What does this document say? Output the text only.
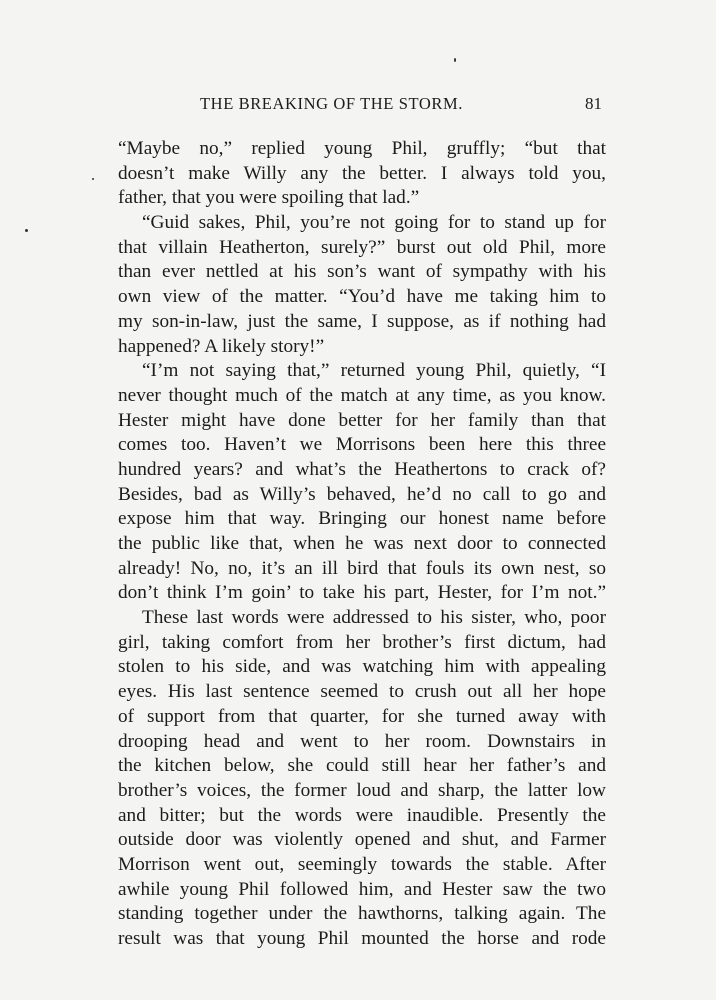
THE BREAKING OF THE STORM.	81
“Maybe no,” replied young Phil, gruffly; “but that
doesn’t make Willy any the better. I always told you,
father, that you were spoiling that lad.”
“Guid sakes, Phil, you’re not going for to stand up for
that villain Heatherton, surely?” burst out old Phil, more
than ever nettled at his son’s want of sympathy with his
own view of the matter. “You’d have me taking him to
my son-in-law, just the same, I suppose, as if nothing had
happened? A likely story!”
“I’m not saying that,” returned young Phil, quietly, “I
never thought much of the match at any time, as you know.
Hester might have done better for her family than that
comes too. Haven’t we Morrisons been here this three
hundred years? and what’s the Heathertons to crack of?
Besides, bad as Willy’s behaved, he’d no call to go and
expose him that way. Bringing our honest name before
the public like that, when he was next door to connected
already! No, no, it’s an ill bird that fouls its own nest, so
don’t think I’m goin’ to take his part, Hester, for I’m not.”
These last words were addressed to his sister, who, poor
girl, taking comfort from her brother’s first dictum, had
stolen to his side, and was watching him with appealing
eyes. His last sentence seemed to crush out all her hope
of support from that quarter, for she turned away with
drooping head and went to her room. Downstairs in
the kitchen below, she could still hear her father’s and
brother’s voices, the former loud and sharp, the latter low
and bitter; but the words were inaudible. Presently the
outside door was violently opened and shut, and Farmer
Morrison went out, seemingly towards the stable. After
awhile young Phil followed him, and Hester saw the two
standing together under the hawthorns, talking again. The
result was that young Phil mounted the horse and rode
